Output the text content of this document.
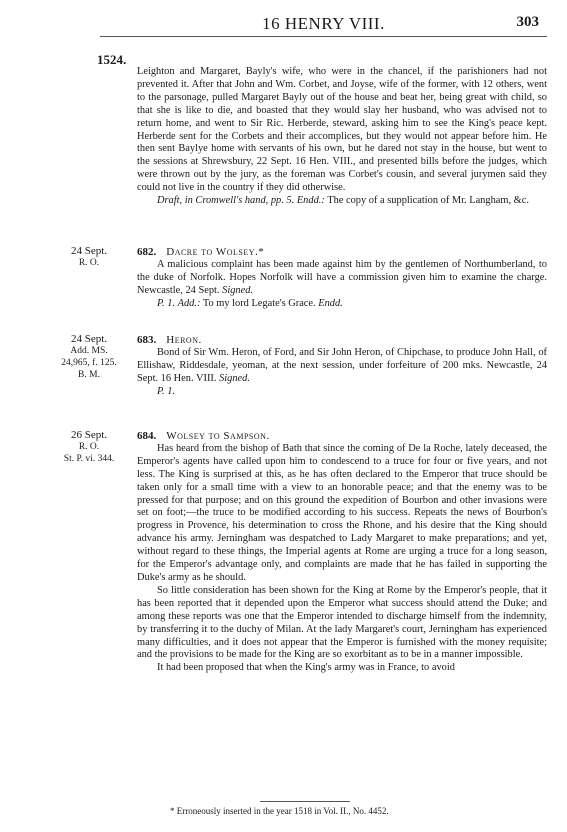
16 HENRY VIII.	303
1524.

Leighton and Margaret, Bayly's wife, who were in the chancel, if the parishioners had not prevented it. After that John and Wm. Corbet, and Joyse, wife of the former, with 12 others, went to the parsonage, pulled Margaret Bayly out of the house and beat her, being great with child, so that she is like to die, and boasted that they would slay her husband, who was advised not to return home, and went to Sir Ric. Herberde, steward, asking him to see the King's peace kept. Herberde sent for the Corbets and their accomplices, but they would not appear before him. He then sent Baylye home with servants of his own, but he dared not stay in the house, but went to the sessions at Shrewsbury, 22 Sept. 16 Hen. VIII., and presented bills before the judges, which were thrown out by the jury, as the foreman was Corbet's cousin, and several jurymen said they could not live in the country if they did otherwise.

Draft, in Cromwell's hand, pp. 5. Endd.: The copy of a supplication of Mr. Langham, &c.

24 Sept.
R. O.

682. Dacre to Wolsey.*

A malicious complaint has been made against him by the gentlemen of Northumberland, to the duke of Norfolk. Hopes Norfolk will have a commission given him to examine the charge. Newcastle, 24 Sept. Signed.

P. 1. Add.: To my lord Legate's Grace. Endd.

24 Sept.
Add. MS.
24,965, f. 125.
B. M.

683. Heron.

Bond of Sir Wm. Heron, of Ford, and Sir John Heron, of Chipchase, to produce John Hall, of Ellishaw, Riddesdale, yeoman, at the next session, under forfeiture of 200 mks. Newcastle, 24 Sept. 16 Hen. VIII. Signed.

P. 1.

26 Sept.
R. O.
St. P. vi. 344.

684. Wolsey to Sampson.

Has heard from the bishop of Bath that since the coming of De la Roche, lately deceased, the Emperor's agents have called upon him to condescend to a truce for four or five years, and not less. The King is surprised at this, as he has often declared to the Emperor that truce should be taken only for a small time with a view to an honorable peace; and that the enemy was to be pressed for that purpose; and on this ground the expedition of Bourbon and other invasions were set on foot;—the truce to be modified according to his success. Repeats the news of Bourbon's progress in Provence, his determination to cross the Rhone, and his desire that the King should advance his army. Jerningham was despatched to Lady Margaret to make preparations; and yet, without regard to these things, the Imperial agents at Rome are urging a truce for a long season, for the Emperor's advantage only, and complaints are made that he has failed in supporting the Duke's army as he should.

So little consideration has been shown for the King at Rome by the Emperor's people, that it has been reported that it depended upon the Emperor what success should attend the Duke; and among these reports was one that the Emperor intended to discharge himself from the indemnity, by transferring it to the duchy of Milan. At the lady Margaret's court, Jerningham has experienced many difficulties, and it does not appear that the Emperor is furnished with the money requisite; and the provisions to be made for the King are so exorbitant as to be in a manner impossible.

It had been proposed that when the King's army was in France, to avoid

* Erroneously inserted in the year 1518 in Vol. II., No. 4452.
